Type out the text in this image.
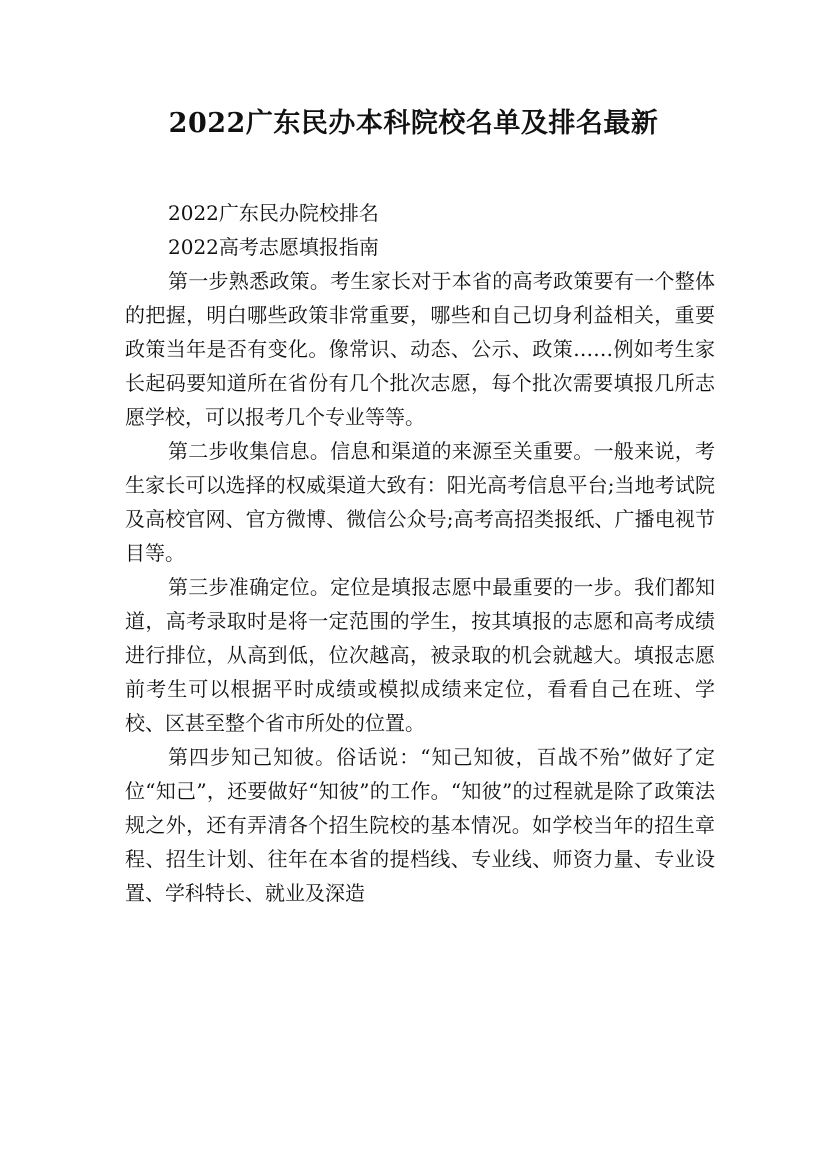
2022广东民办本科院校名单及排名最新

2022广东民办院校排名

2022高考志愿填报指南

第一步熟悉政策。考生家长对于本省的高考政策要有一个整体的把握，明白哪些政策非常重要，哪些和自己切身利益相关，重要政策当年是否有变化。像常识、动态、公示、政策……例如考生家长起码要知道所在省份有几个批次志愿，每个批次需要填报几所志愿学校，可以报考几个专业等等。

第二步收集信息。信息和渠道的来源至关重要。一般来说，考生家长可以选择的权威渠道大致有：阳光高考信息平台;当地考试院及高校官网、官方微博、微信公众号;高考高招类报纸、广播电视节目等。

第三步准确定位。定位是填报志愿中最重要的一步。我们都知道，高考录取时是将一定范围的学生，按其填报的志愿和高考成绩进行排位，从高到低，位次越高，被录取的机会就越大。填报志愿前考生可以根据平时成绩或模拟成绩来定位，看看自己在班、学校、区甚至整个省市所处的位置。

第四步知己知彼。俗话说：“知己知彼，百战不殆”做好了定位“知己”，还要做好“知彼”的工作。“知彼”的过程就是除了政策法规之外，还有弄清各个招生院校的基本情况。如学校当年的招生章程、招生计划、往年在本省的提档线、专业线、师资力量、专业设置、学科特长、就业及深造
